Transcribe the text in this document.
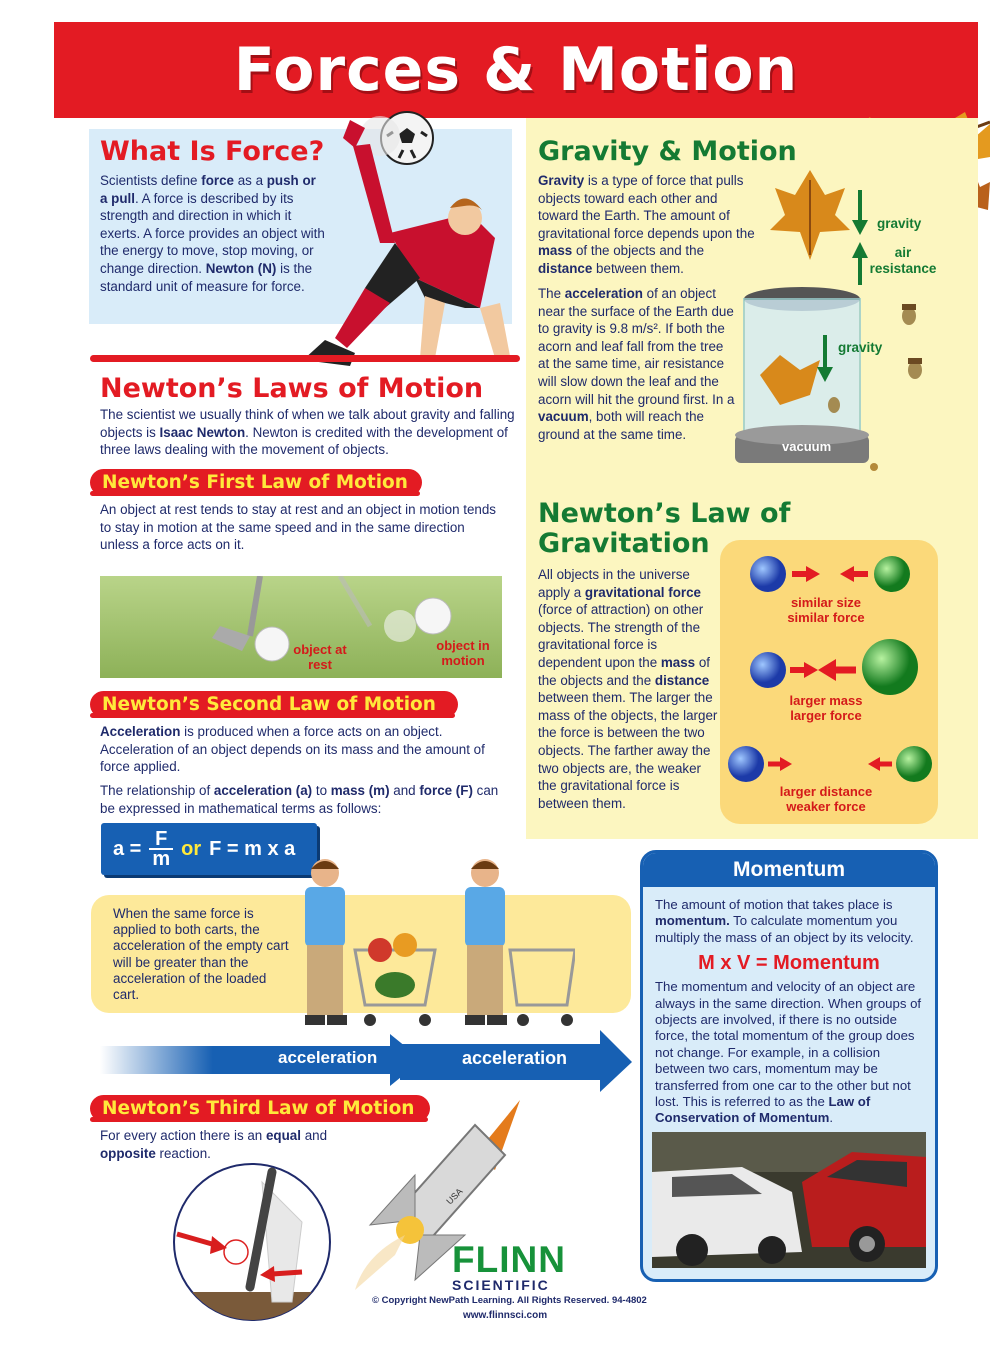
Forces & Motion
What Is Force?

Scientists define force as a push or a pull. A force is described by its strength and direction in which it exerts. A force provides an object with the energy to move, stop moving, or change direction. Newton (N) is the standard unit of measure for force.

Newton’s Laws of Motion

The scientist we usually think of when we talk about gravity and falling objects is Isaac Newton. Newton is credited with the development of three laws dealing with the movement of objects.

Newton’s First Law of Motion

An object at rest tends to stay at rest and an object in motion tends to stay in motion at the same speed and in the same direction unless a force acts on it.

object at rest
object in motion
Newton’s Second Law of Motion

Acceleration is produced when a force acts on an object. Acceleration of an object depends on its mass and the amount of force applied.

The relationship of acceleration (a) to mass (m) and force (F) can be expressed in mathematical terms as follows:

$a = \frac{F}{m}$ or F = m x a

When the same force is applied to both carts, the acceleration of the empty cart will be greater than the acceleration of the loaded cart.

acceleration	acceleration
Newton’s Third Law of Motion

For every action there is an equal and opposite reaction.

USA
Gravity & Motion

Gravity is a type of force that pulls objects toward each other and toward the Earth. The amount of gravitational force depends upon the mass of the objects and the distance between them.

The acceleration of an object near the surface of the Earth due to gravity is 9.8 m/s². If both the acorn and leaf fall from the tree at the same time, air resistance will slow down the leaf and the acorn will hit the ground first. In a vacuum, both will reach the ground at the same time.

gravity
air resistance
gravity
vacuum
Newton’s Law of
Gravitation

All objects in the universe apply a gravitational force (force of attraction) on other objects. The strength of the gravitational force is dependent upon the mass of the objects and the distance between them. The larger the mass of the objects, the larger the force is between the two objects. The farther away the two objects are, the weaker the gravitational force is between them.

similar size similar force
larger mass larger force
larger distance weaker force
Momentum

The amount of motion that takes place is momentum. To calculate momentum you multiply the mass of an object by its velocity.

M x V = Momentum

The momentum and velocity of an object are always in the same direction. When groups of objects are involved, if there is no outside force, the total momentum of the group does not change. For example, in a collision between two cars, momentum may be transferred from one car to the other but not lost. This is referred to as the Law of Conservation of Momentum.

FLINN
SCIENTIFIC
© Copyright NewPath Learning. All Rights Reserved. 94-4802
www.flinnsci.com
